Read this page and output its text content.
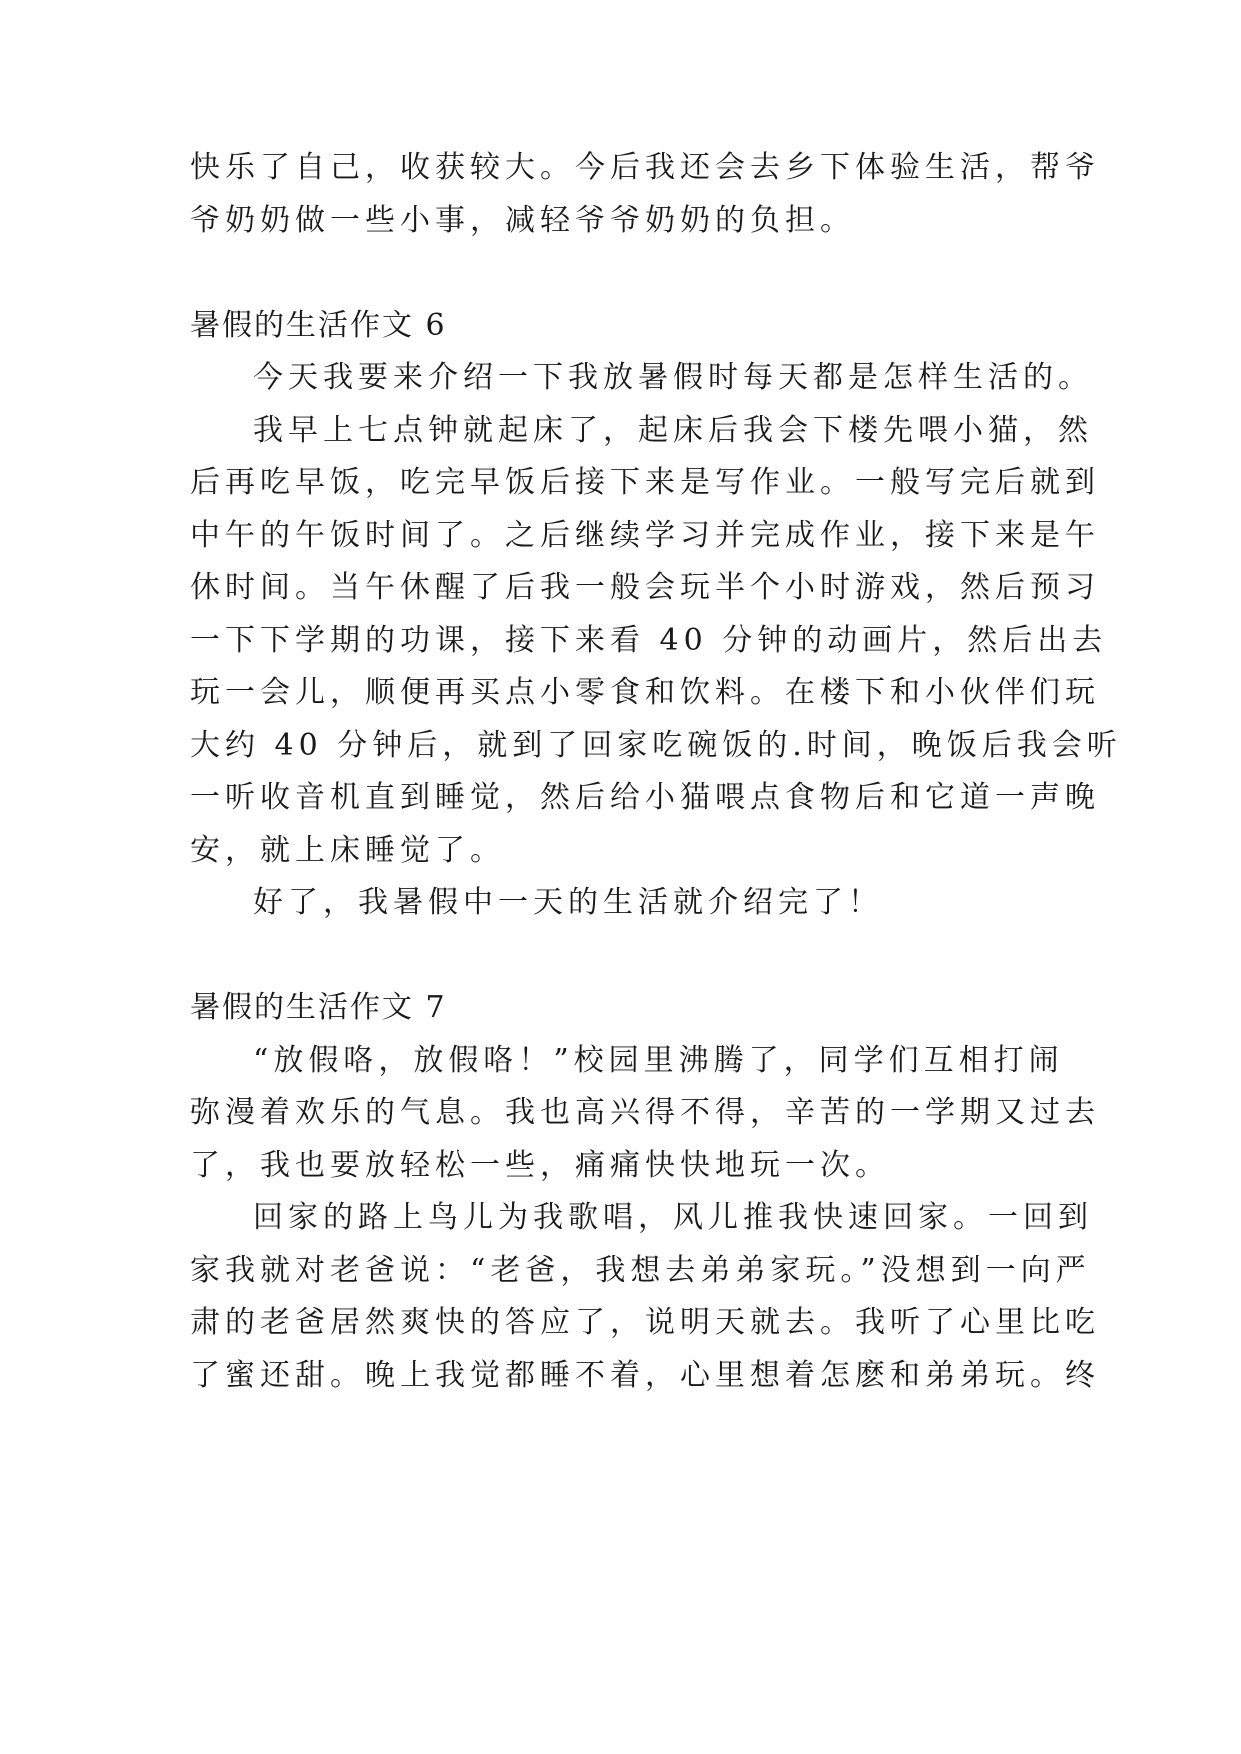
快乐了自己，收获较大。今后我还会去乡下体验生活，帮爷
爷奶奶做一些小事，减轻爷爷奶奶的负担。
暑假的生活作文 6
今天我要来介绍一下我放暑假时每天都是怎样生活的。
我早上七点钟就起床了，起床后我会下楼先喂小猫，然
后再吃早饭，吃完早饭后接下来是写作业。一般写完后就到
中午的午饭时间了。之后继续学习并完成作业，接下来是午
休时间。当午休醒了后我一般会玩半个小时游戏，然后预习
一下下学期的功课，接下来看 40 分钟的动画片，然后出去
玩一会儿，顺便再买点小零食和饮料。在楼下和小伙伴们玩
大约 40 分钟后，就到了回家吃碗饭的.时间，晚饭后我会听
一听收音机直到睡觉，然后给小猫喂点食物后和它道一声晚
安，就上床睡觉了。
好了，我暑假中一天的生活就介绍完了！
暑假的生活作文 7
“放假咯，放假咯！”校园里沸腾了，同学们互相打闹
弥漫着欢乐的气息。我也高兴得不得，辛苦的一学期又过去
了，我也要放轻松一些，痛痛快快地玩一次。
回家的路上鸟儿为我歌唱，风儿推我快速回家。一回到
家我就对老爸说：“老爸，我想去弟弟家玩。”没想到一向严
肃的老爸居然爽快的答应了，说明天就去。我听了心里比吃
了蜜还甜。晚上我觉都睡不着，心里想着怎麽和弟弟玩。终
